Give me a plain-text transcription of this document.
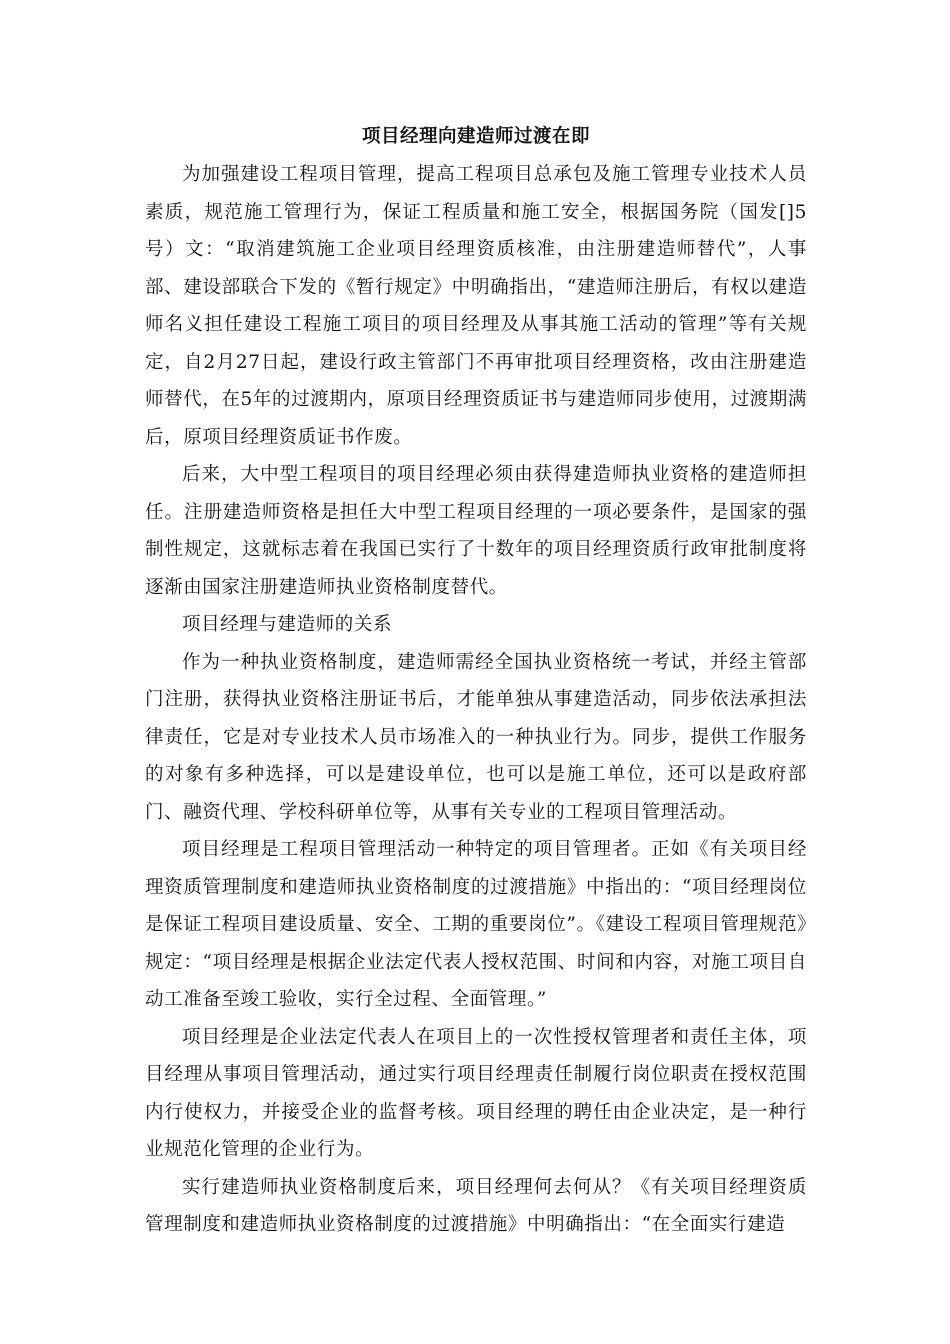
项目经理向建造师过渡在即

为加强建设工程项目管理，提高工程项目总承包及施工管理专业技术人员素质，规范施工管理行为，保证工程质量和施工安全，根据国务院（国发[]5号）文：“取消建筑施工企业项目经理资质核准，由注册建造师替代”，人事部、建设部联合下发的《暂行规定》中明确指出，“建造师注册后，有权以建造师名义担任建设工程施工项目的项目经理及从事其施工活动的管理”等有关规定，自2月27日起，建设行政主管部门不再审批项目经理资格，改由注册建造师替代，在5年的过渡期内，原项目经理资质证书与建造师同步使用，过渡期满后，原项目经理资质证书作废。

后来，大中型工程项目的项目经理必须由获得建造师执业资格的建造师担任。注册建造师资格是担任大中型工程项目经理的一项必要条件，是国家的强制性规定，这就标志着在我国已实行了十数年的项目经理资质行政审批制度将逐渐由国家注册建造师执业资格制度替代。

项目经理与建造师的关系

作为一种执业资格制度，建造师需经全国执业资格统一考试，并经主管部门注册，获得执业资格注册证书后，才能单独从事建造活动，同步依法承担法律责任，它是对专业技术人员市场准入的一种执业行为。同步，提供工作服务的对象有多种选择，可以是建设单位，也可以是施工单位，还可以是政府部门、融资代理、学校科研单位等，从事有关专业的工程项目管理活动。

项目经理是工程项目管理活动一种特定的项目管理者。正如《有关项目经理资质管理制度和建造师执业资格制度的过渡措施》中指出的：“项目经理岗位是保证工程项目建设质量、安全、工期的重要岗位”。《建设工程项目管理规范》规定：“项目经理是根据企业法定代表人授权范围、时间和内容，对施工项目自动工准备至竣工验收，实行全过程、全面管理。”

项目经理是企业法定代表人在项目上的一次性授权管理者和责任主体，项目经理从事项目管理活动，通过实行项目经理责任制履行岗位职责在授权范围内行使权力，并接受企业的监督考核。项目经理的聘任由企业决定，是一种行业规范化管理的企业行为。

实行建造师执业资格制度后来，项目经理何去何从？《有关项目经理资质管理制度和建造师执业资格制度的过渡措施》中明确指出：“在全面实行建造
